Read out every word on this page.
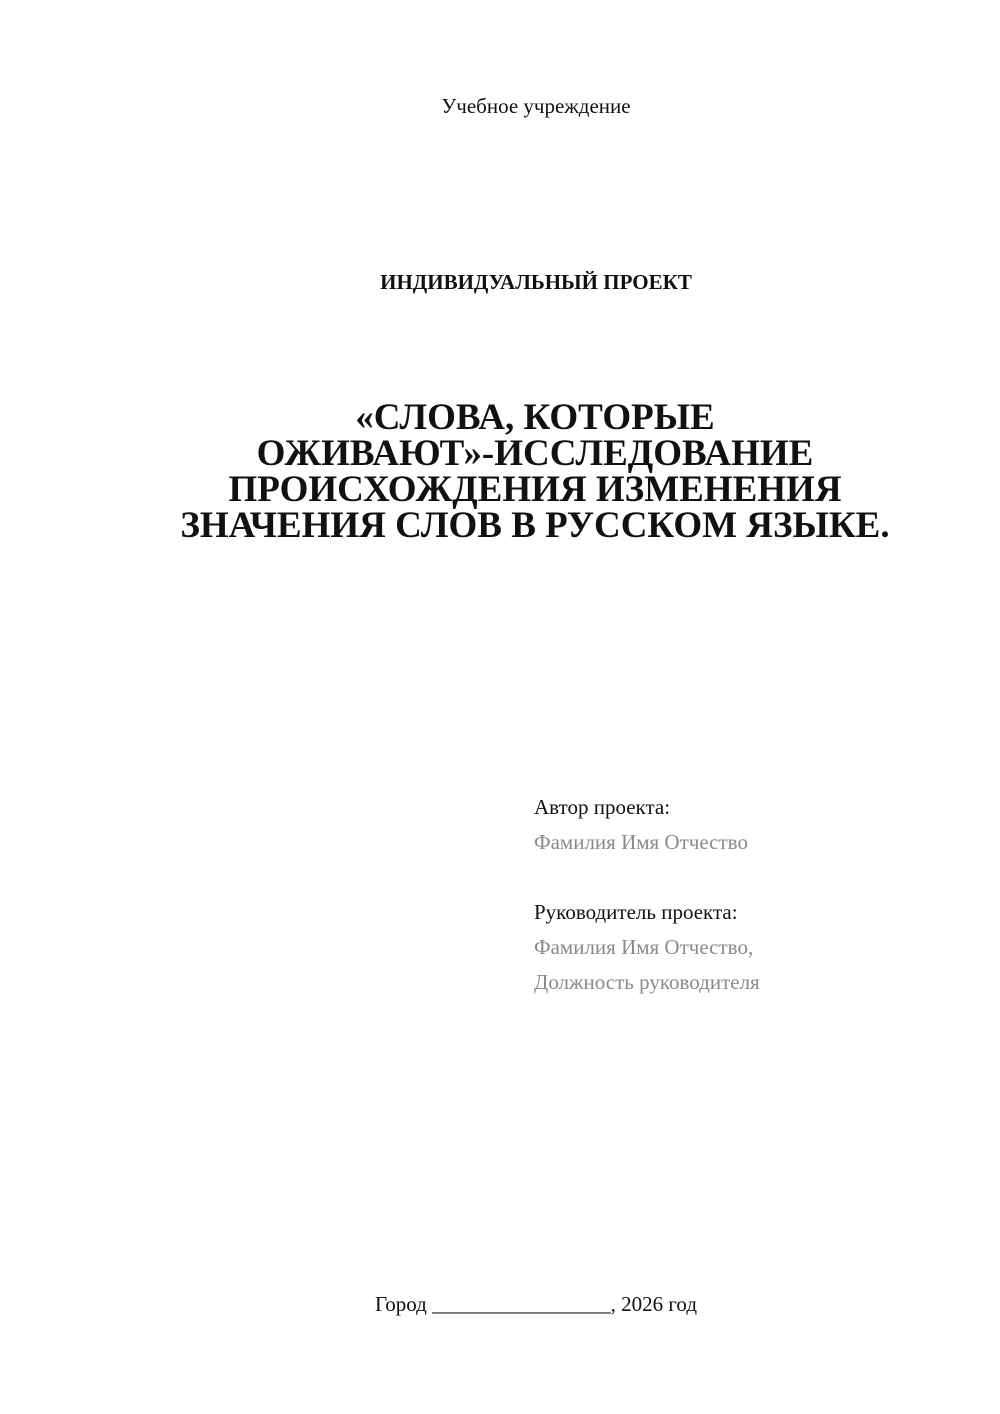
Учебное учреждение
ИНДИВИДУАЛЬНЫЙ ПРОЕКТ
«СЛОВА, КОТОРЫЕ
ОЖИВАЮТ»-ИССЛЕДОВАНИЕ
ПРОИСХОЖДЕНИЯ ИЗМЕНЕНИЯ
ЗНАЧЕНИЯ СЛОВ В РУССКОМ ЯЗЫКЕ.
Автор проекта:
Фамилия Имя Отчество
Руководитель проекта:
Фамилия Имя Отчество,
Должность руководителя
Город _________________, 2026 год
